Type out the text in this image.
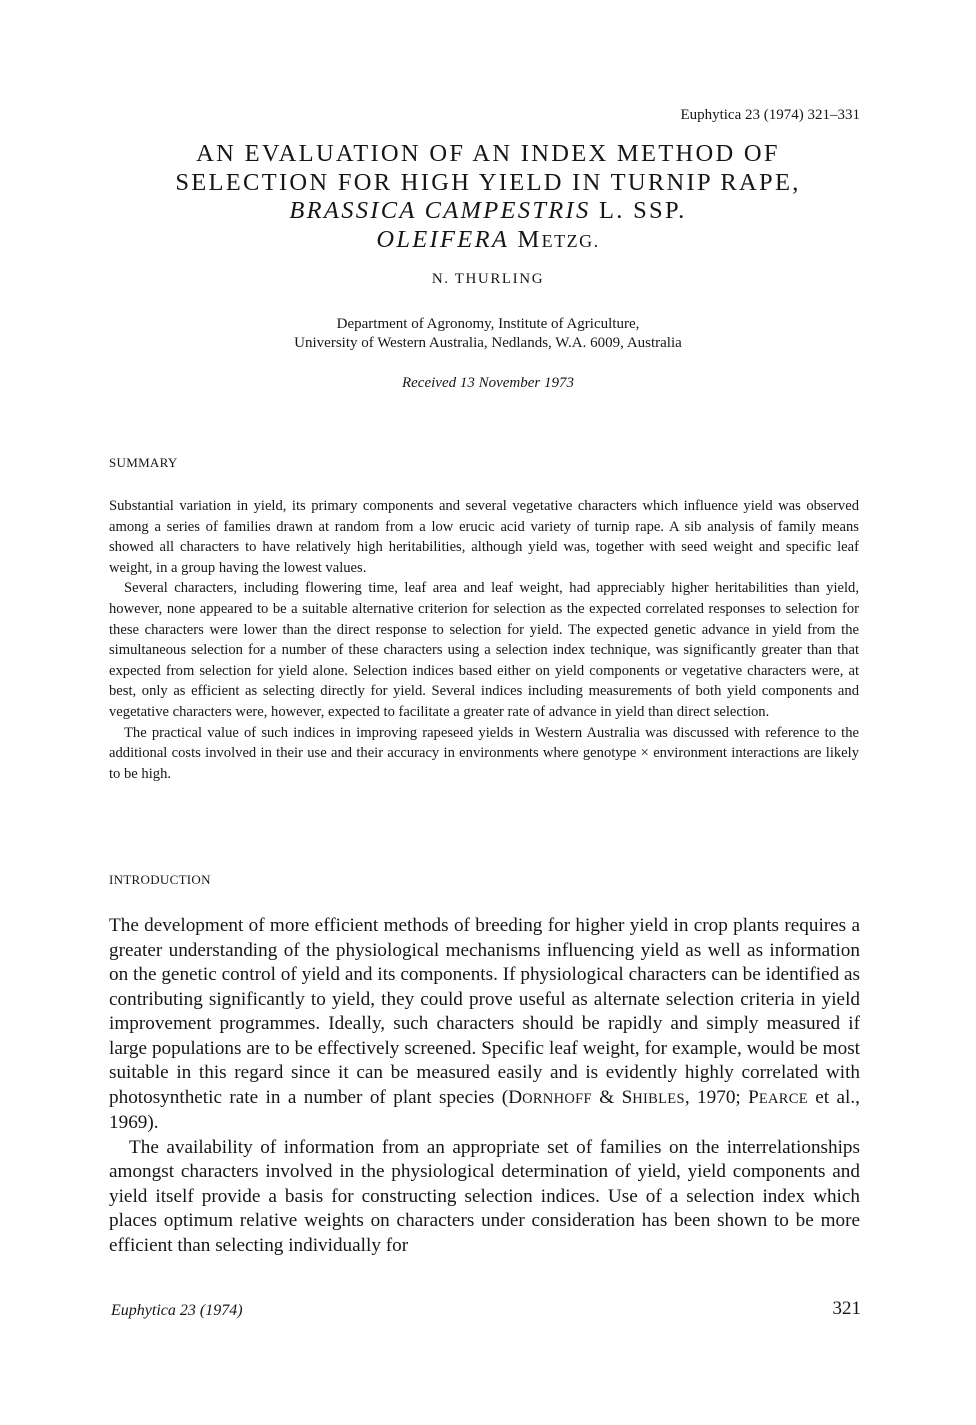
Euphytica 23 (1974) 321–331
AN EVALUATION OF AN INDEX METHOD OF
SELECTION FOR HIGH YIELD IN TURNIP RAPE,
BRASSICA CAMPESTRIS L. SSP.
OLEIFERA METZG.
N. THURLING
Department of Agronomy, Institute of Agriculture,
University of Western Australia, Nedlands, W.A. 6009, Australia
Received 13 November 1973
SUMMARY

Substantial variation in yield, its primary components and several vegetative characters which influence yield was observed among a series of families drawn at random from a low erucic acid variety of turnip rape. A sib analysis of family means showed all characters to have relatively high heritabilities, although yield was, together with seed weight and specific leaf weight, in a group having the lowest values.

Several characters, including flowering time, leaf area and leaf weight, had appreciably higher heritabilities than yield, however, none appeared to be a suitable alternative criterion for selection as the expected correlated responses to selection for these characters were lower than the direct response to selection for yield. The expected genetic advance in yield from the simultaneous selection for a number of these characters using a selection index technique, was significantly greater than that expected from selection for yield alone. Selection indices based either on yield components or vegetative characters were, at best, only as efficient as selecting directly for yield. Several indices including measurements of both yield components and vegetative characters were, however, expected to facilitate a greater rate of advance in yield than direct selection.

The practical value of such indices in improving rapeseed yields in Western Australia was discussed with reference to the additional costs involved in their use and their accuracy in environments where genotype × environment interactions are likely to be high.

INTRODUCTION

The development of more efficient methods of breeding for higher yield in crop plants requires a greater understanding of the physiological mechanisms influencing yield as well as information on the genetic control of yield and its components. If physiological characters can be identified as contributing significantly to yield, they could prove useful as alternate selection criteria in yield improvement programmes. Ideally, such characters should be rapidly and simply measured if large populations are to be effectively screened. Specific leaf weight, for example, would be most suitable in this regard since it can be measured easily and is evidently highly correlated with photosynthetic rate in a number of plant species (DORNHOFF & SHIBLES, 1970; PEARCE et al., 1969).

The availability of information from an appropriate set of families on the interrelationships amongst characters involved in the physiological determination of yield, yield components and yield itself provide a basis for constructing selection indices. Use of a selection index which places optimum relative weights on characters under consideration has been shown to be more efficient than selecting individually for

Euphytica 23 (1974)	321
